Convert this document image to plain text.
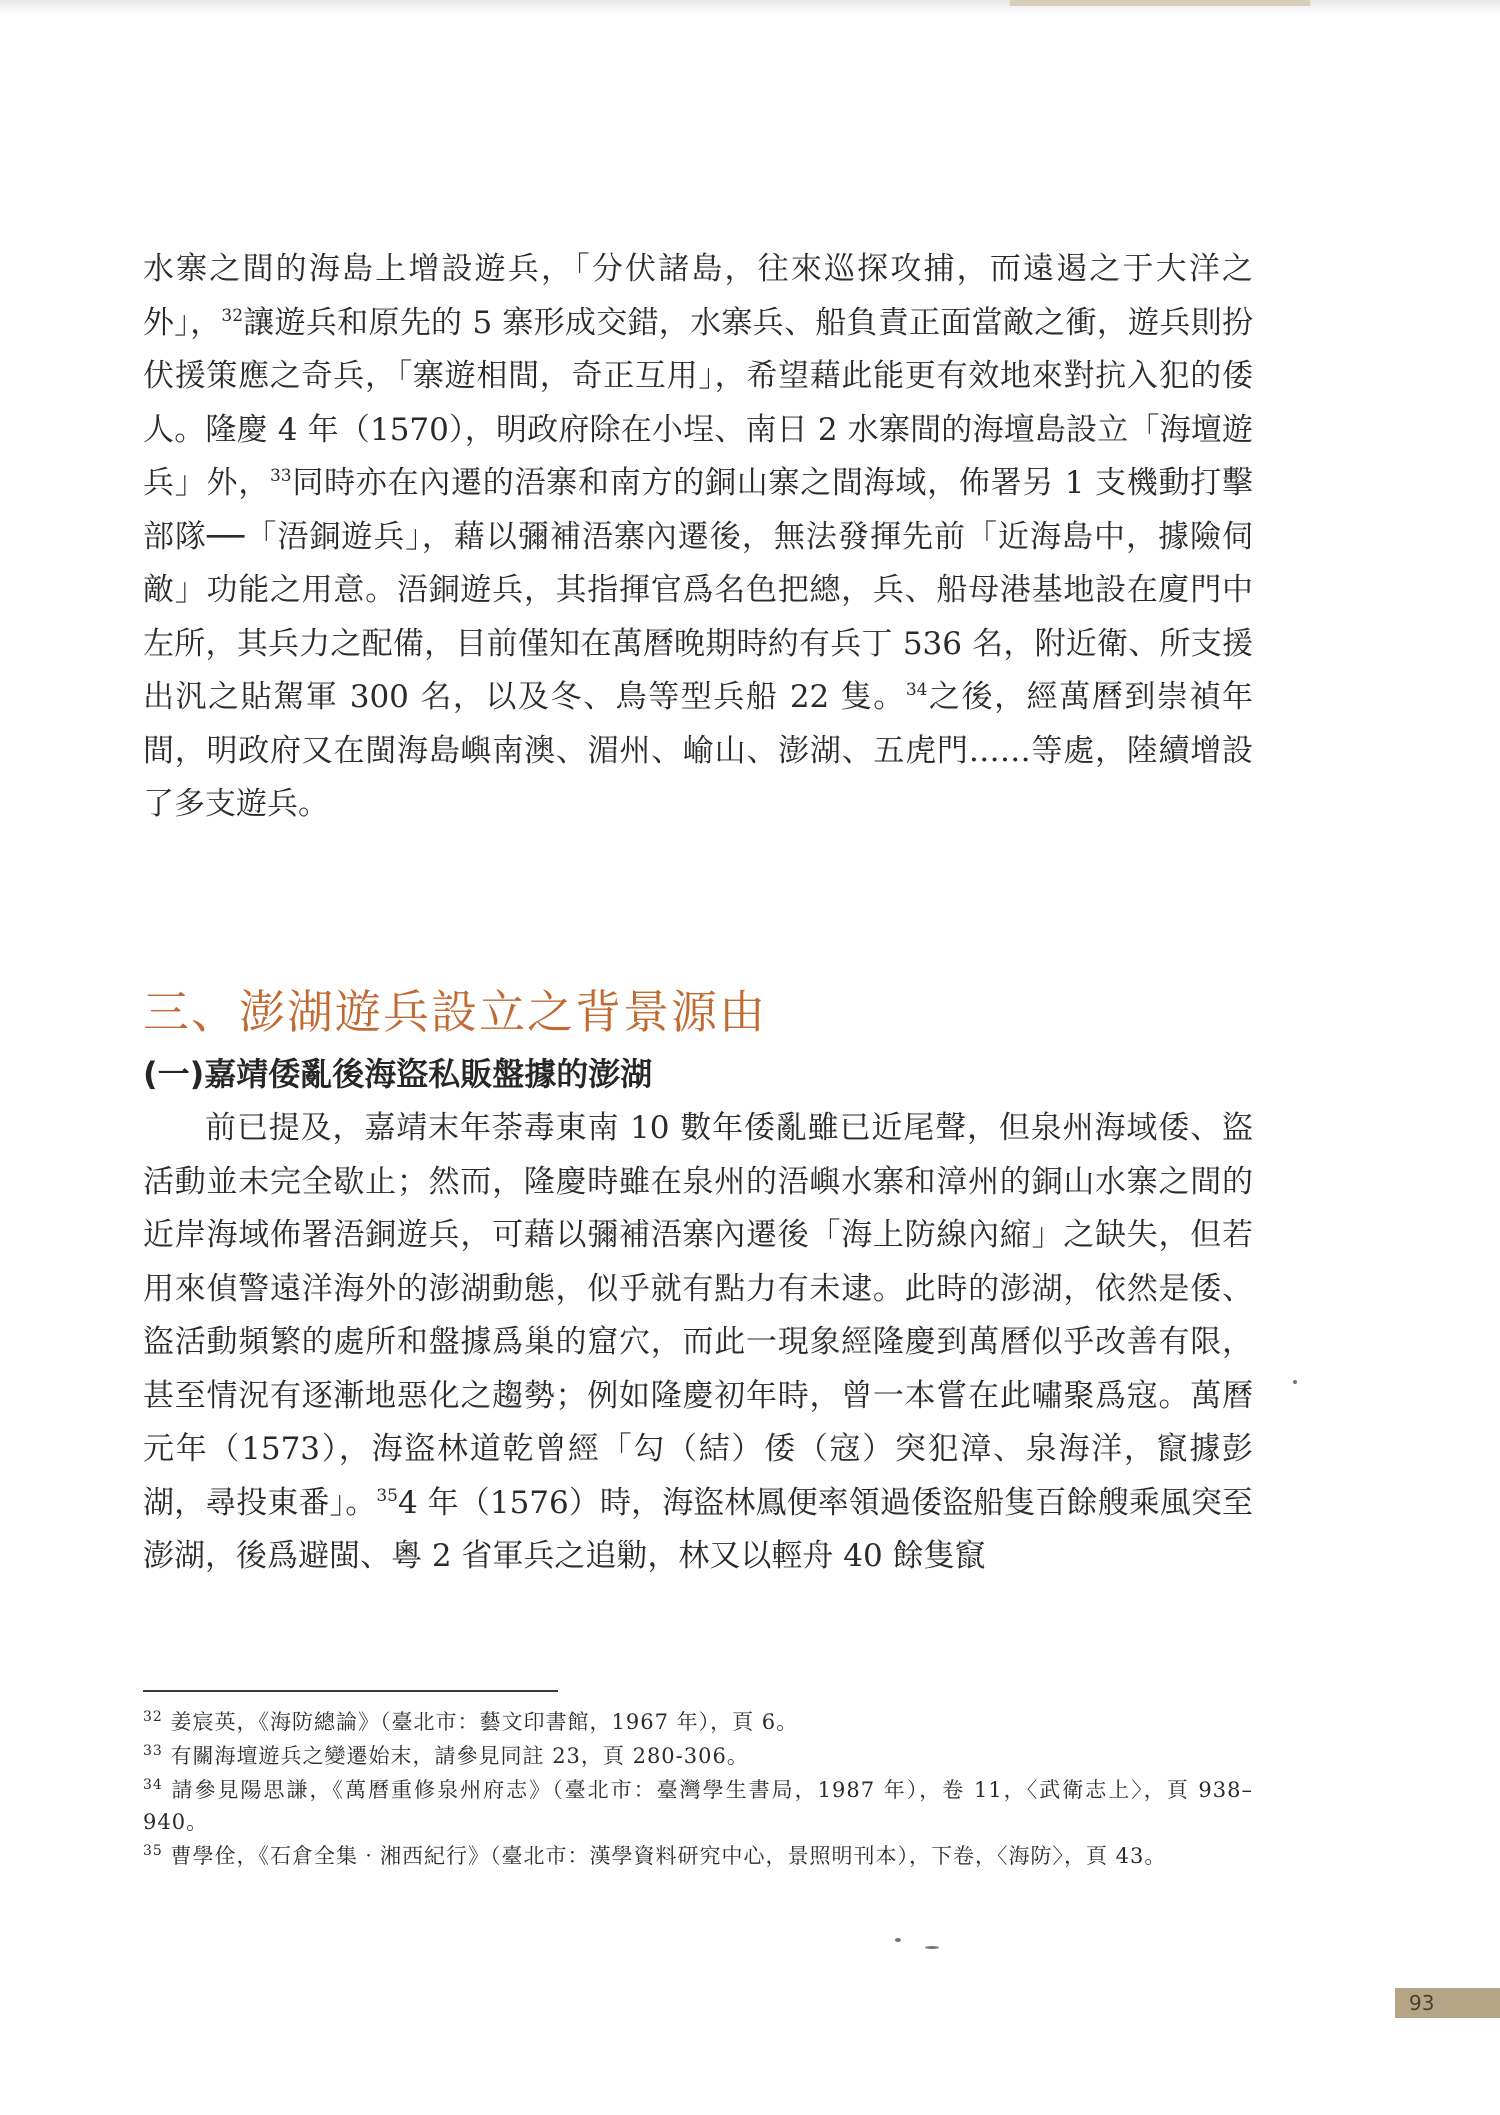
水寨之間的海島上增設遊兵，「分伏諸島，往來巡探攻捕，而遠遏之于大洋之外」，$^{32}$讓遊兵和原先的 5 寨形成交錯，水寨兵、船負責正面當敵之衝，遊兵則扮伏援策應之奇兵，「寨遊相間，奇正互用」，希望藉此能更有效地來對抗入犯的倭人。隆慶 4 年（1570），明政府除在小埕、南日 2 水寨間的海壇島設立「海壇遊兵」外，$^{33}$同時亦在內遷的浯寨和南方的銅山寨之間海域，佈署另 1 支機動打擊部隊──「浯銅遊兵」，藉以彌補浯寨內遷後，無法發揮先前「近海島中，據險伺敵」功能之用意。浯銅遊兵，其指揮官爲名色把總，兵、船母港基地設在廈門中左所，其兵力之配備，目前僅知在萬曆晚期時約有兵丁 536 名，附近衛、所支援出汎之貼駕軍 300 名，以及冬、鳥等型兵船 22 隻。$^{34}$之後，經萬曆到崇禎年間，明政府又在閩海島嶼南澳、湄州、崳山、澎湖、五虎門……等處，陸續增設了多支遊兵。

三、澎湖遊兵設立之背景源由
(一)嘉靖倭亂後海盜私販盤據的澎湖

前已提及，嘉靖末年荼毒東南 10 數年倭亂雖已近尾聲，但泉州海域倭、盜活動並未完全歇止；然而，隆慶時雖在泉州的浯嶼水寨和漳州的銅山水寨之間的近岸海域佈署浯銅遊兵，可藉以彌補浯寨內遷後「海上防線內縮」之缺失，但若用來偵警遠洋海外的澎湖動態，似乎就有點力有未逮。此時的澎湖，依然是倭、盜活動頻繁的處所和盤據爲巢的窟穴，而此一現象經隆慶到萬曆似乎改善有限，甚至情況有逐漸地惡化之趨勢；例如隆慶初年時，曾一本嘗在此嘯聚爲寇。萬曆元年（1573），海盜林道乾曾經「勾（結）倭（寇）突犯漳、泉海洋，竄據彭湖，尋投東番」。$^{35}$4 年（1576）時，海盜林鳳便率領過倭盜船隻百餘艘乘風突至澎湖，後爲避閩、粵 2 省軍兵之追勦，林又以輕舟 40 餘隻竄

$^{32}$ 姜宸英，《海防總論》（臺北市：藝文印書館，1967 年），頁 6。

$^{33}$ 有關海壇遊兵之變遷始末，請參見同註 23，頁 280-306。

$^{34}$ 請參見陽思謙，《萬曆重修泉州府志》（臺北市：臺灣學生書局，1987 年），卷 11，〈武衛志上〉，頁 938–940。

$^{35}$ 曹學佺，《石倉全集‧湘西紀行》（臺北市：漢學資料研究中心，景照明刊本），下卷，〈海防〉，頁 43。

93
